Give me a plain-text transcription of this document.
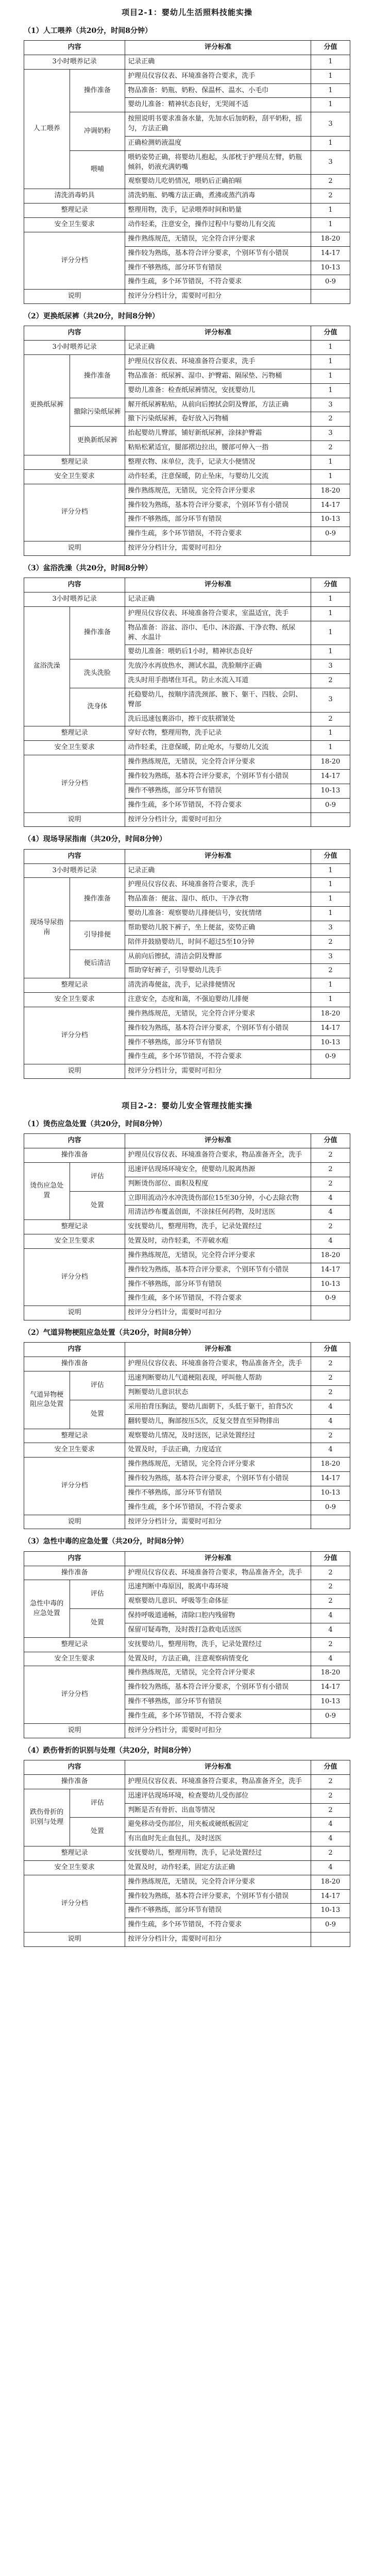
项目2-1：婴幼儿生活照料技能实操
（1）人工喂养（共20分，时间8分钟）
内容		评分标准	分值
3小时喂养记录		记录正确	1
人工喂养	操作准备	护理员仪容仪表、环境准备符合要求，洗手	1
		物品准备：奶瓶、奶粉、保温杯、温水、小毛巾	1
		婴幼儿准备：精神状态良好，无哭闹不适	1
	冲调奶粉	按照说明书要求准备水量，先加水后加奶粉，刮平奶粉，摇匀，方法正确	3
		正确检测奶液温度	1
	喂哺	喂奶姿势正确，将婴幼儿抱起，头部枕于护理员左臂，奶瓶倾斜，奶液充满奶嘴	3
		观察婴幼儿吃奶情况，喂奶后正确拍嗝	2
清洗消毒奶具		清洗奶瓶、奶嘴方法正确，煮沸或蒸汽消毒	2
整理记录		整理用物，洗手，记录喂养时间和奶量	1
安全卫生要求		动作轻柔，注意安全，操作过程中与婴幼儿有交流	1
评分分档		操作熟练规范，无错误，完全符合评分要求	18-20
		操作较为熟练，基本符合评分要求，个别环节有小错误	14-17
		操作不够熟练，部分环节有错误	10-13
		操作生疏，多个环节错误，不符合要求	0-9
说明		按评分分档计分，需要时可扣分	
（2）更换纸尿裤（共20分，时间8分钟）
内容		评分标准	分值
3小时喂养记录		记录正确	1
更换纸尿裤	操作准备	护理员仪容仪表、环境准备符合要求，洗手	1
		物品准备：纸尿裤、湿巾、护臀霜、隔尿垫、污物桶	1
		婴幼儿准备：检查纸尿裤情况，安抚婴幼儿	1
	撤除污染纸尿裤	解开纸尿裤粘贴，从前向后擦拭会阴及臀部，方法正确	3
		撤下污染纸尿裤，卷好放入污物桶	2
	更换新纸尿裤	抬起婴幼儿臀部，铺好新纸尿裤，涂抹护臀霜	3
		粘贴松紧适宜，腿部褶边拉出，腰部可伸入一指	2
整理记录		整理衣物、床单位，洗手，记录大小便情况	1
安全卫生要求		动作轻柔，注意保暖，防止坠床，与婴幼儿交流	1
评分分档		操作熟练规范，无错误，完全符合评分要求	18-20
		操作较为熟练，基本符合评分要求，个别环节有小错误	14-17
		操作不够熟练，部分环节有错误	10-13
		操作生疏，多个环节错误，不符合要求	0-9
说明		按评分分档计分，需要时可扣分	
（3）盆浴洗澡（共20分，时间8分钟）
内容		评分标准	分值
3小时喂养记录		记录正确	1
盆浴洗澡	操作准备	护理员仪容仪表、环境准备符合要求，室温适宜，洗手	1
		物品准备：浴盆、浴巾、毛巾、沐浴露、干净衣物、纸尿裤、水温计	1
		婴幼儿准备：喂奶后1小时，精神状态良好	1
	洗头洗脸	先放冷水再放热水，测试水温，洗脸顺序正确	3
		洗头时用手指堵住耳孔，防止水流入耳道	2
	洗身体	托稳婴幼儿，按顺序清洗颈部、腋下、躯干、四肢、会阴、臀部	3
		洗后迅速包裹浴巾，擦干皮肤褶皱处	2
整理记录		穿好衣物，整理用物，洗手记录	1
安全卫生要求		动作轻柔，注意保暖，防止呛水，与婴幼儿交流	1
评分分档		操作熟练规范，无错误，完全符合评分要求	18-20
		操作较为熟练，基本符合评分要求，个别环节有小错误	14-17
		操作不够熟练，部分环节有错误	10-13
		操作生疏，多个环节错误，不符合要求	0-9
说明		按评分分档计分，需要时可扣分	
（4）现场导尿指南（共20分，时间8分钟）
内容		评分标准	分值
3小时喂养记录		记录正确	1
现场导尿指南	操作准备	护理员仪容仪表、环境准备符合要求，洗手	1
		物品准备：便盆、湿巾、纸巾、干净衣物	1
		婴幼儿准备：观察婴幼儿排便信号，安抚情绪	1
	引导排便	帮助婴幼儿脱下裤子，坐上便盆，姿势正确	3
		陪伴并鼓励婴幼儿，时间不超过5至10分钟	2
	便后清洁	从前向后擦拭，清洁会阴及臀部	3
		帮助穿好裤子，引导婴幼儿洗手	2
整理记录		清洗消毒便盆，洗手，记录排便情况	1
安全卫生要求		注意安全，态度和蔼，不强迫婴幼儿排便	1
评分分档		操作熟练规范，无错误，完全符合评分要求	18-20
		操作较为熟练，基本符合评分要求，个别环节有小错误	14-17
		操作不够熟练，部分环节有错误	10-13
		操作生疏，多个环节错误，不符合要求	0-9
说明		按评分分档计分，需要时可扣分	
项目2-2：婴幼儿安全管理技能实操
（1）烫伤应急处置（共20分，时间8分钟）
内容		评分标准	分值
操作准备		护理员仪容仪表、环境准备符合要求，物品准备齐全，洗手	2
烫伤应急处置	评估	迅速评估现场环境安全，使婴幼儿脱离热源	2
		判断烫伤部位、面积及程度	2
	处置	立即用流动冷水冲洗烫伤部位15至30分钟，小心去除衣物	4
		用清洁纱布覆盖创面，不涂抹任何药物，及时送医	4
整理记录		安抚婴幼儿，整理用物，洗手，记录处置经过	2
安全卫生要求		处置及时，动作轻柔，不弄破水疱	4
评分分档		操作熟练规范，无错误，完全符合评分要求	18-20
		操作较为熟练，基本符合评分要求，个别环节有小错误	14-17
		操作不够熟练，部分环节有错误	10-13
		操作生疏，多个环节错误，不符合要求	0-9
说明		按评分分档计分，需要时可扣分	
（2）气道异物梗阻应急处置（共20分，时间8分钟）
内容		评分标准	分值
操作准备		护理员仪容仪表、环境准备符合要求，物品准备齐全，洗手	2
气道异物梗阻应急处置	评估	迅速判断婴幼儿气道梗阻表现，呼叫他人帮助	2
		判断婴幼儿意识状态	2
	处置	采用拍背压胸法，婴幼儿面朝下，头低于躯干，拍背5次	4
		翻转婴幼儿，胸部按压5次，反复交替直至异物排出	4
整理记录		观察婴幼儿情况，及时送医，记录处置经过	2
安全卫生要求		处置及时，手法正确，力度适宜	4
评分分档		操作熟练规范，无错误，完全符合评分要求	18-20
		操作较为熟练，基本符合评分要求，个别环节有小错误	14-17
		操作不够熟练，部分环节有错误	10-13
		操作生疏，多个环节错误，不符合要求	0-9
说明		按评分分档计分，需要时可扣分	
（3）急性中毒的应急处置（共20分，时间8分钟）
内容		评分标准	分值
操作准备		护理员仪容仪表、环境准备符合要求，物品准备齐全，洗手	2
急性中毒的应急处置	评估	迅速判断中毒原因，脱离中毒环境	2
		观察婴幼儿意识、呼吸等生命体征	2
	处置	保持呼吸道通畅，清除口腔内残留物	4
		保留可疑毒物，及时拨打急救电话送医	4
整理记录		安抚婴幼儿，整理用物，洗手，记录处置经过	2
安全卫生要求		处置及时，方法正确，注意观察病情变化	4
评分分档		操作熟练规范，无错误，完全符合评分要求	18-20
		操作较为熟练，基本符合评分要求，个别环节有小错误	14-17
		操作不够熟练，部分环节有错误	10-13
		操作生疏，多个环节错误，不符合要求	0-9
说明		按评分分档计分，需要时可扣分	
（4）跌伤骨折的识别与处理（共20分，时间8分钟）
内容		评分标准	分值
操作准备		护理员仪容仪表、环境准备符合要求，物品准备齐全，洗手	2
跌伤骨折的识别与处理	评估	迅速评估现场环境，检查婴幼儿受伤部位	2
		判断是否有骨折、出血等情况	2
	处置	避免移动受伤部位，用夹板或硬纸板固定	4
		有出血时先止血包扎，及时送医	4
整理记录		安抚婴幼儿，整理用物，洗手，记录处置经过	2
安全卫生要求		处置及时，动作轻柔，固定方法正确	4
评分分档		操作熟练规范，无错误，完全符合评分要求	18-20
		操作较为熟练，基本符合评分要求，个别环节有小错误	14-17
		操作不够熟练，部分环节有错误	10-13
		操作生疏，多个环节错误，不符合要求	0-9
说明		按评分分档计分，需要时可扣分	
